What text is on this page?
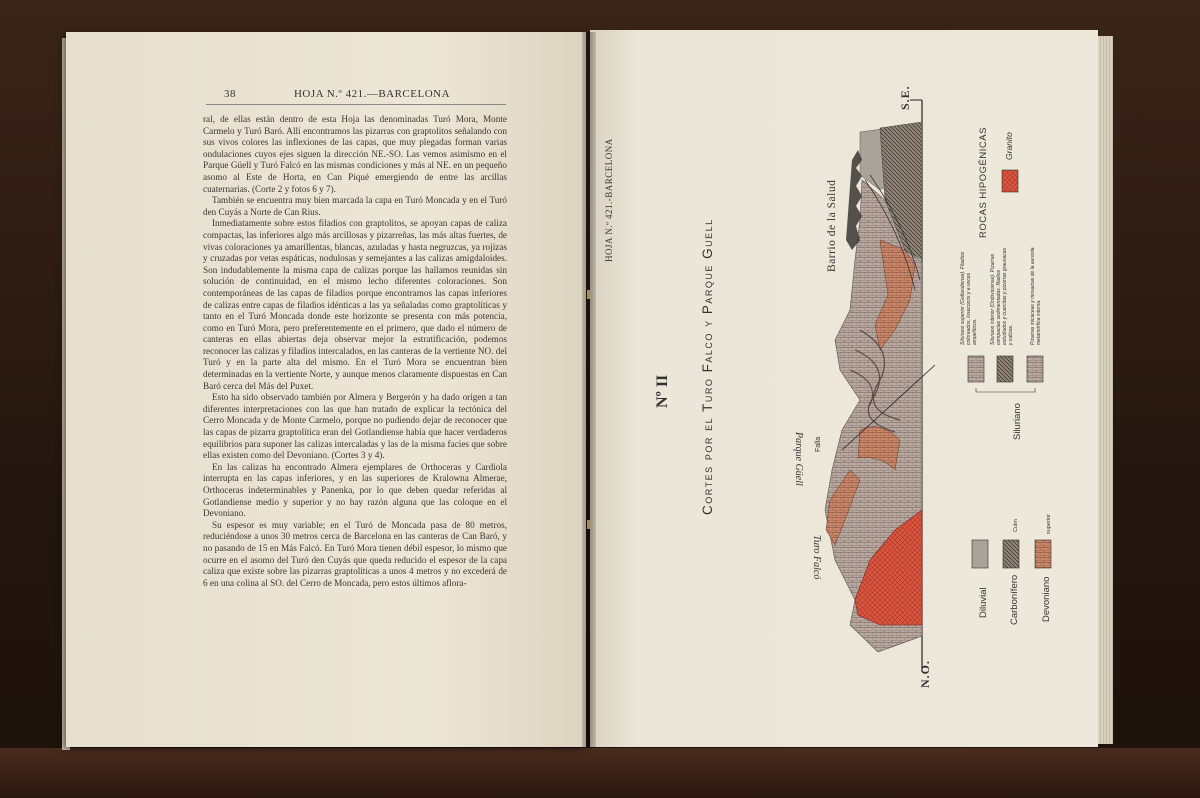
38	HOJA N.º 421.—BARCELONA

ral, de ellas están dentro de esta Hoja las denominadas Turó Mora, Monte Carmelo y Turó Baró. Allí encontramos las pizarras con graptolitos señalando con sus vivos colores las inflexiones de las capas, que muy plegadas forman varias ondulaciones cuyos ejes siguen la dirección NE.-SO. Las vemos asimismo en el Parque Güell y Turó Falcó en las mismas condiciones y más al NE. en un pequeño asomo al Este de Horta, en Can Piqué emergiendo de entre las arcillas cuaternarias. (Corte 2 y fotos 6 y 7).

También se encuentra muy bien marcada la capa en Turó Moncada y en el Turó den Cuyás a Norte de Can Rius.

Inmediatamente sobre estos filadios con graptolitos, se apoyan capas de caliza compactas, las inferiores algo más arcillosas y pizarreñas, las más altas fuertes, de vivas coloraciones ya amarillentas, blancas, azuladas y hasta negruzcas, ya rojizas y cruzadas por vetas espáticas, nodulosas y semejantes a las calizas amigdaloides. Son indudablemente la misma capa de calizas porque las hallamos reunidas sin solución de continuidad, en el mismo lecho diferentes coloraciones. Son contemporáneas de las capas de filadios porque encontramos las capas inferiores de calizas entre capas de filadios idénticas a las ya señaladas como graptolíticas y tanto en el Turó Moncada donde este horizonte se presenta con más potencia, como en Turó Mora, pero preferentemente en el primero, que dado el número de canteras en ellas abiertas deja observar mejor la estratificación, podemos reconocer las calizas y filadios intercalados, en las canteras de la vertiente NO. del Turó y en la parte alta del mismo. En el Turó Mora se encuentran bien determinadas en la vertiente Norte, y aunque menos claramente dispuestas en Can Baró cerca del Más del Puxet.

Esto ha sido observado también por Almera y Bergerón y ha dado origen a tan diferentes interpretaciones con las que han tratado de explicar la tectónica del Cerro Moncada y de Monte Carmelo, porque no pudiendo dejar de reconocer que las capas de pizarra graptolítica eran del Gotlandiense había que hacer verdaderos equilibrios para suponer las calizas intercaladas y las de la misma facies que sobre ellas existen como del Devoniano. (Cortes 3 y 4).

En las calizas ha encontrado Almera ejemplares de Orthoceras y Cardiola interrupta en las capas inferiores, y en las superiores de Kralowna Almerae, Orthoceras indeterminables y Panenka, por lo que deben quedar referidas al Gotlandiense medio y superior y no hay razón alguna que las coloque en el Devoniano.

Su espesor es muy variable; en el Turó de Moncada pasa de 80 metros, reduciéndose a unos 30 metros cerca de Barcelona en las canteras de Can Baró, y no pasando de 15 en Más Falcó. En Turó Mora tienen débil espesor, lo mismo que ocurre en el asomo del Turó den Cuyás que queda reducido el espesor de la capa caliza que existe sobre las pizarras graptolíticas a unos 4 metros y no excederá de 6 en una colina al SO. del Cerro de Moncada, pero estos últimos aflora-

HOJA N.º 421.-BARCELONA
Nº II Cortes por el Turo Falco y Parque Guell
N.O.
S.E.
Barrio de la Salud
Parque Güell Falla
Turo Falcó
ROCAS HIPOGÉNICAS Granito
Siluriano
Siluriano superior (Gotlandiense). Filadios coloreados, lusecocos y a veces ampelíticos. Siluriano inferior (Ordoviciense). Pizarras compactas sedimentadas. filadios estudiados y cuarcitas y pizarras grauvacas y calizas.	Pizarras micáceas y mosaicas de la aureola metamórfica interna.
Diluvial Carbonífero
Culm
Devoniano
superior
